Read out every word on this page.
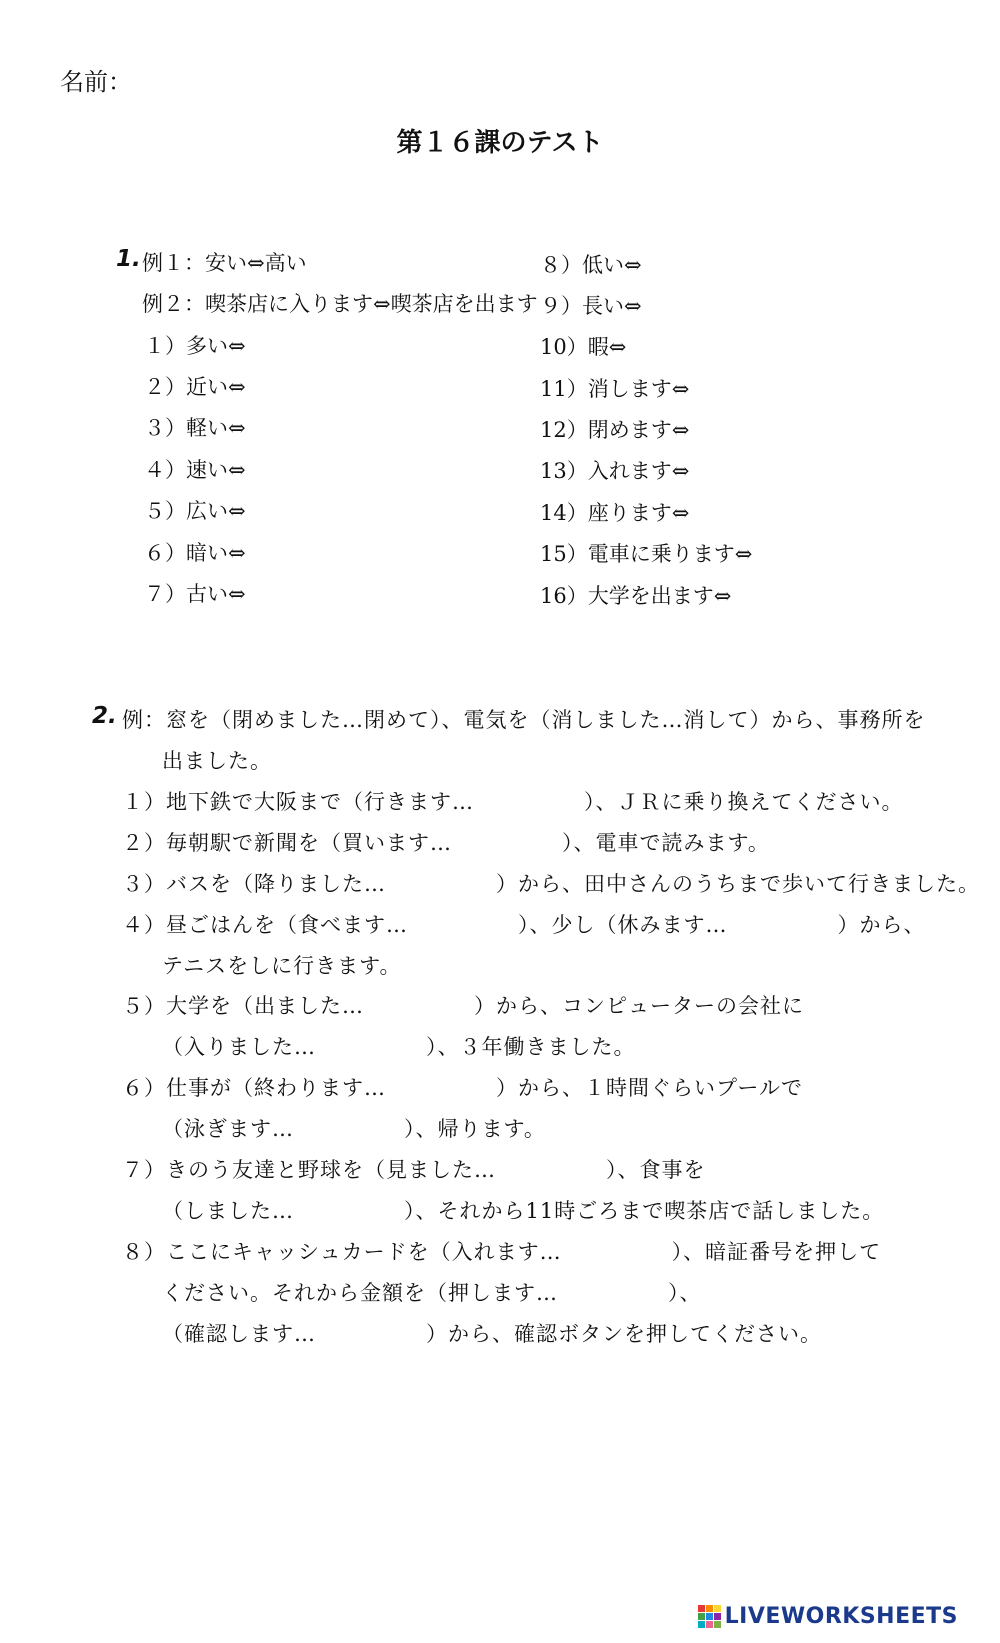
名前：
第１６課のテスト
1. 例１：安い⇔高い
例２：喫茶店に入ります⇔喫茶店を出ます
１）多い⇔
２）近い⇔
３）軽い⇔
４）速い⇔
５）広い⇔
６）暗い⇔
７）古い⇔
８）低い⇔
９）長い⇔
10）暇⇔
11）消します⇔
12）閉めます⇔
13）入れます⇔
14）座ります⇔
15）電車に乗ります⇔
16）大学を出ます⇔
2. 例：窓を（閉めました…閉めて）、電気を（消しました…消して）から、事務所を
出ました。
１）地下鉄で大阪まで（行きます…　　　　　）、ＪＲに乗り換えてください。
２）毎朝駅で新聞を（買います…　　　　　）、電車で読みます。
３）バスを（降りました…　　　　　）から、田中さんのうちまで歩いて行きました。
４）昼ごはんを（食べます…　　　　　）、少し（休みます…　　　　　）から、
テニスをしに行きます。
５）大学を（出ました…　　　　　）から、コンピューターの会社に
（入りました…　　　　　）、３年働きました。
６）仕事が（終わります…　　　　　）から、１時間ぐらいプールで
（泳ぎます…　　　　　）、帰ります。
７）きのう友達と野球を（見ました…　　　　　）、食事を
（しました…　　　　　）、それから11時ごろまで喫茶店で話しました。
８）ここにキャッシュカードを（入れます…　　　　　）、暗証番号を押して
ください。それから金額を（押します…　　　　　）、
（確認します…　　　　　）から、確認ボタンを押してください。
LIVEWORKSHEETS
